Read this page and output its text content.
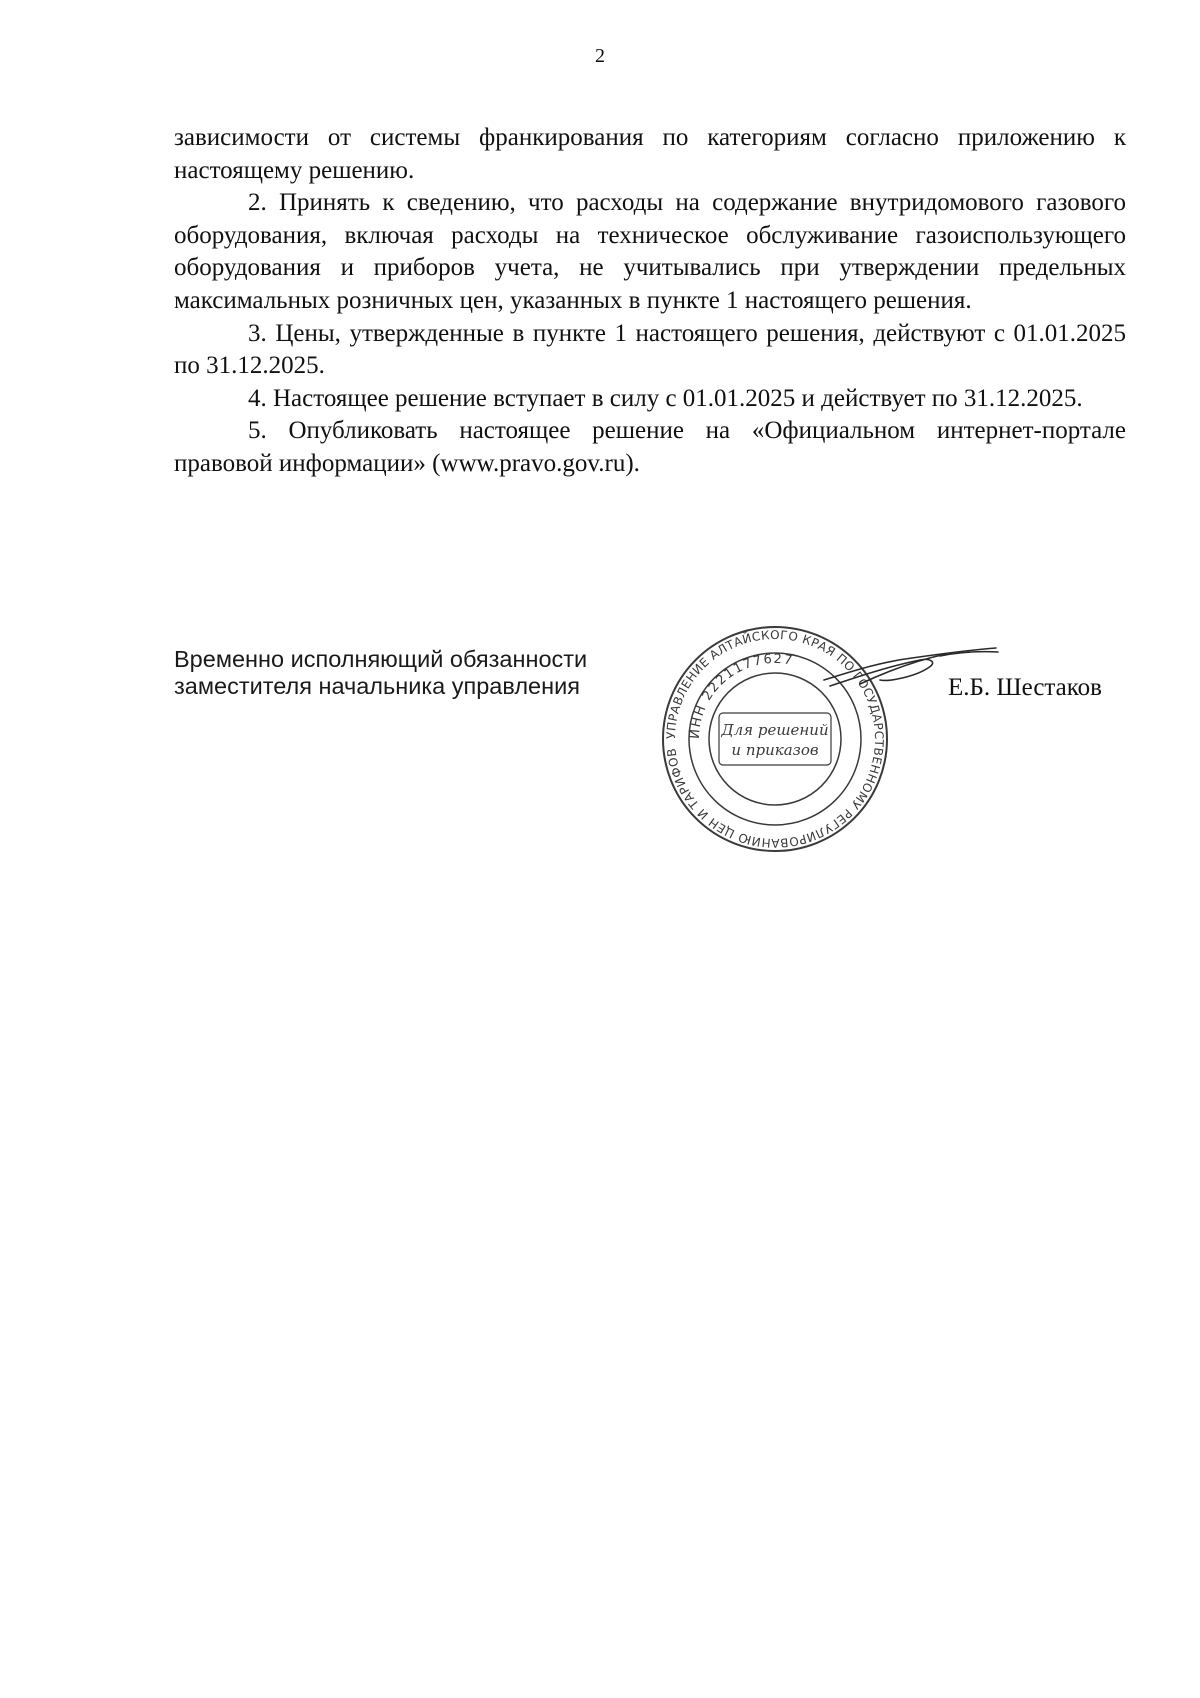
2

зависимости от системы франкирования по категориям согласно приложению к настоящему решению.

2. Принять к сведению, что расходы на содержание внутридомового газового оборудования, включая расходы на техническое обслуживание газоиспользующего оборудования и приборов учета, не учитывались при утверждении предельных максимальных розничных цен, указанных в пункте 1 настоящего решения.

3. Цены, утвержденные в пункте 1 настоящего решения, действуют с 01.01.2025 по 31.12.2025.

4. Настоящее решение вступает в силу с 01.01.2025 и действует по 31.12.2025.

5. Опубликовать настоящее решение на «Официальном интернет-портале правовой информации» (www.pravo.gov.ru).

Временно исполняющий обязанности
заместителя начальника управления
УПРАВЛЕНИЕ АЛТАЙСКОГО КРАЯ ПО ГОСУДАРСТВЕННОМУ РЕГУЛИРОВАНИЮ ЦЕН И ТАРИФОВ
ИНН 2221177627
Для решений
и приказов
Е.Б. Шестаков
